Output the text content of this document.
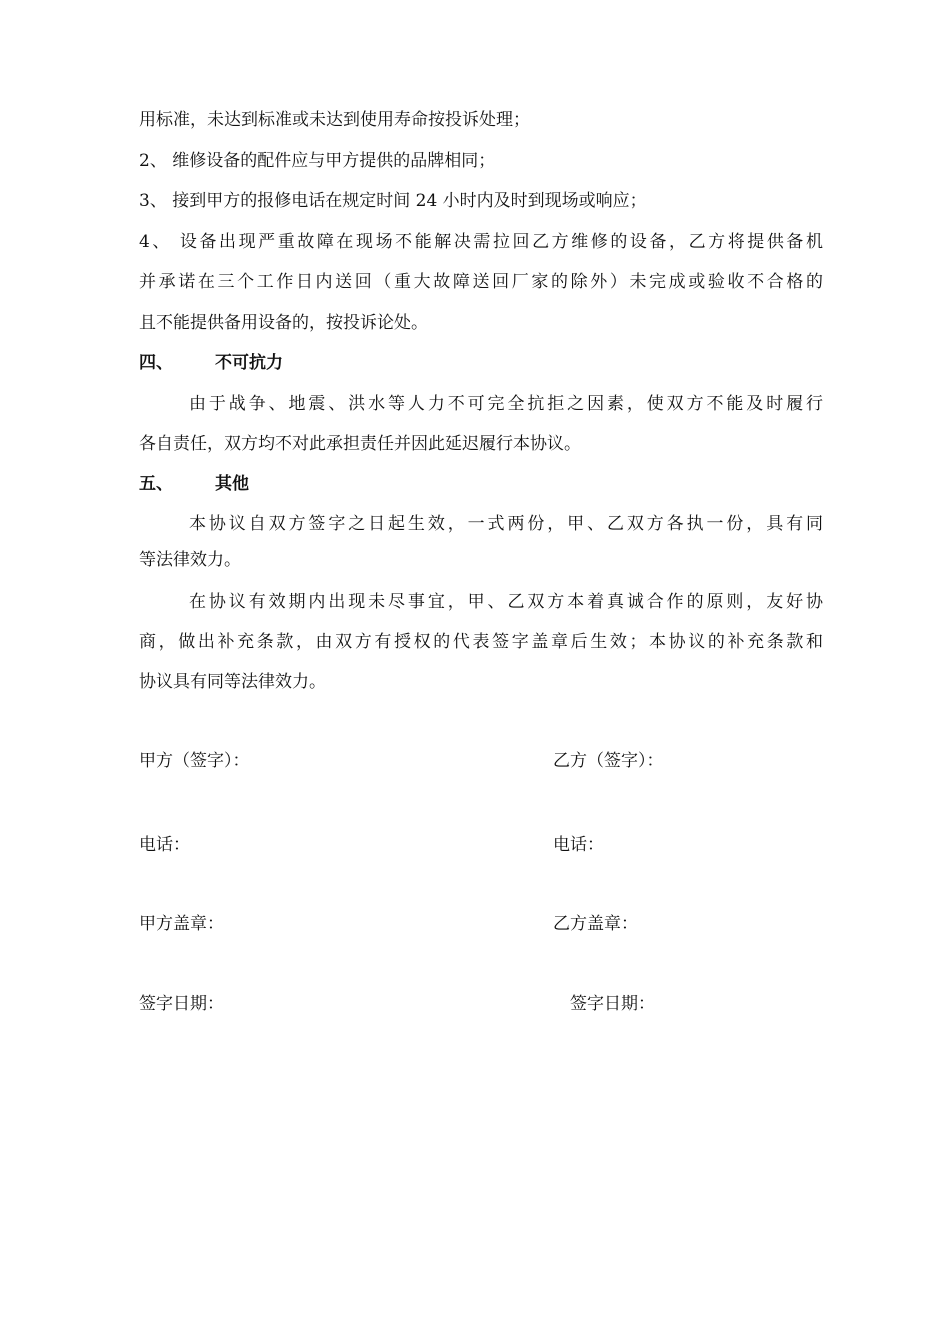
用标准，未达到标准或未达到使用寿命按投诉处理；
2、 维修设备的配件应与甲方提供的品牌相同；
3、 接到甲方的报修电话在规定时间 24 小时内及时到现场或响应；
4、 设备出现严重故障在现场不能解决需拉回乙方维修的设备，乙方将提供备机
并承诺在三个工作日内送回（重大故障送回厂家的除外）未完成或验收不合格的
且不能提供备用设备的，按投诉论处。
四、 不可抗力
由于战争、地震、洪水等人力不可完全抗拒之因素，使双方不能及时履行
各自责任，双方均不对此承担责任并因此延迟履行本协议。
五、 其他
本协议自双方签字之日起生效，一式两份，甲、乙双方各执一份，具有同
等法律效力。
在协议有效期内出现未尽事宜，甲、乙双方本着真诚合作的原则，友好协
商，做出补充条款，由双方有授权的代表签字盖章后生效；本协议的补充条款和
协议具有同等法律效力。
甲方（签字）：	乙方（签字）：
电话：	电话：
甲方盖章：	乙方盖章：
签字日期：	签字日期：
